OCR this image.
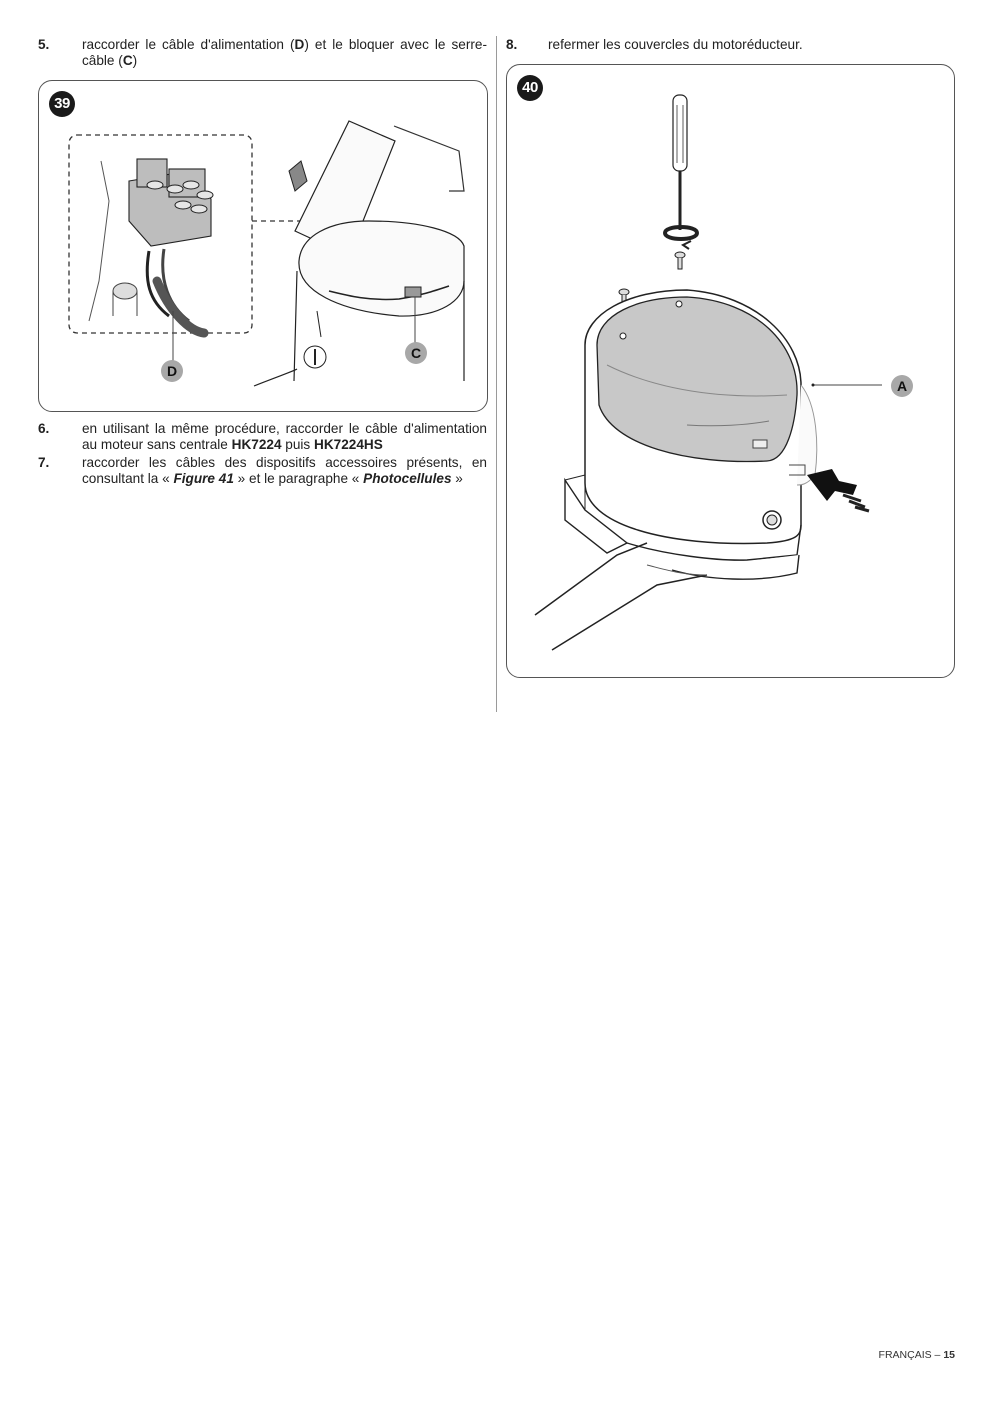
5. raccorder le câble d'alimentation (D) et le bloquer avec le serre-câble (C)
39
D
C
6. en utilisant la même procédure, raccorder le câble d'alimentation au moteur sans centrale HK7224 puis HK7224HS
7. raccorder les câbles des dispositifs accessoires présents, en consultant la « Figure 41 » et le paragraphe « Photocellules »
8. refermer les couvercles du motoréducteur.
40
A
FRANÇAIS – 15
